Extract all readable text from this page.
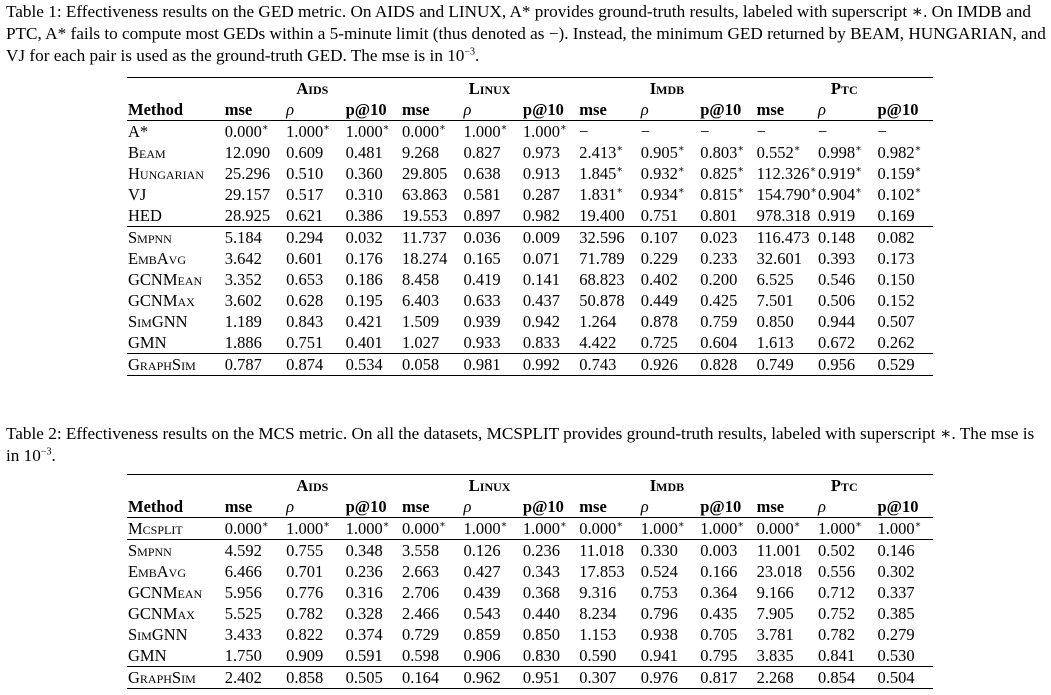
Table 1: Effectiveness results on the GED metric. On AIDS and LINUX, A* provides ground-truth results, labeled with superscript ∗. On IMDB and PTC, A* fails to compute most GEDs within a 5-minute limit (thus denoted as −). Instead, the minimum GED returned by BEAM, HUNGARIAN, and VJ for each pair is used as the ground-truth GED. The mse is in $10^{-3}$.

	Aids			Linux			Imdb			Ptc		
Method	mse	ρ	p@10	mse	ρ	p@10	mse	ρ	p@10	mse	ρ	p@10
A*	0.000∗	1.000∗	1.000∗	0.000∗	1.000∗	1.000∗	−	−	−	−	−	−
Beam	12.090	0.609	0.481	9.268	0.827	0.973	2.413∗	0.905∗	0.803∗	0.552∗	0.998∗	0.982∗
Hungarian	25.296	0.510	0.360	29.805	0.638	0.913	1.845∗	0.932∗	0.825∗	112.326∗	0.919∗	0.159∗
VJ	29.157	0.517	0.310	63.863	0.581	0.287	1.831∗	0.934∗	0.815∗	154.790∗	0.904∗	0.102∗
HED	28.925	0.621	0.386	19.553	0.897	0.982	19.400	0.751	0.801	978.318	0.919	0.169
Smpnn	5.184	0.294	0.032	11.737	0.036	0.009	32.596	0.107	0.023	116.473	0.148	0.082
EmbAvg	3.642	0.601	0.176	18.274	0.165	0.071	71.789	0.229	0.233	32.601	0.393	0.173
GCNMean	3.352	0.653	0.186	8.458	0.419	0.141	68.823	0.402	0.200	6.525	0.546	0.150
GCNMax	3.602	0.628	0.195	6.403	0.633	0.437	50.878	0.449	0.425	7.501	0.506	0.152
SimGNN	1.189	0.843	0.421	1.509	0.939	0.942	1.264	0.878	0.759	0.850	0.944	0.507
GMN	1.886	0.751	0.401	1.027	0.933	0.833	4.422	0.725	0.604	1.613	0.672	0.262
GraphSim	0.787	0.874	0.534	0.058	0.981	0.992	0.743	0.926	0.828	0.749	0.956	0.529

Table 2: Effectiveness results on the MCS metric. On all the datasets, MCSPLIT provides ground-truth results, labeled with superscript ∗. The mse is in $10^{-3}$.

	Aids			Linux			Imdb			Ptc		
Method	mse	ρ	p@10	mse	ρ	p@10	mse	ρ	p@10	mse	ρ	p@10
Mcsplit	0.000∗	1.000∗	1.000∗	0.000∗	1.000∗	1.000∗	0.000∗	1.000∗	1.000∗	0.000∗	1.000∗	1.000∗
Smpnn	4.592	0.755	0.348	3.558	0.126	0.236	11.018	0.330	0.003	11.001	0.502	0.146
EmbAvg	6.466	0.701	0.236	2.663	0.427	0.343	17.853	0.524	0.166	23.018	0.556	0.302
GCNMean	5.956	0.776	0.316	2.706	0.439	0.368	9.316	0.753	0.364	9.166	0.712	0.337
GCNMax	5.525	0.782	0.328	2.466	0.543	0.440	8.234	0.796	0.435	7.905	0.752	0.385
SimGNN	3.433	0.822	0.374	0.729	0.859	0.850	1.153	0.938	0.705	3.781	0.782	0.279
GMN	1.750	0.909	0.591	0.598	0.906	0.830	0.590	0.941	0.795	3.835	0.841	0.530
GraphSim	2.402	0.858	0.505	0.164	0.962	0.951	0.307	0.976	0.817	2.268	0.854	0.504
